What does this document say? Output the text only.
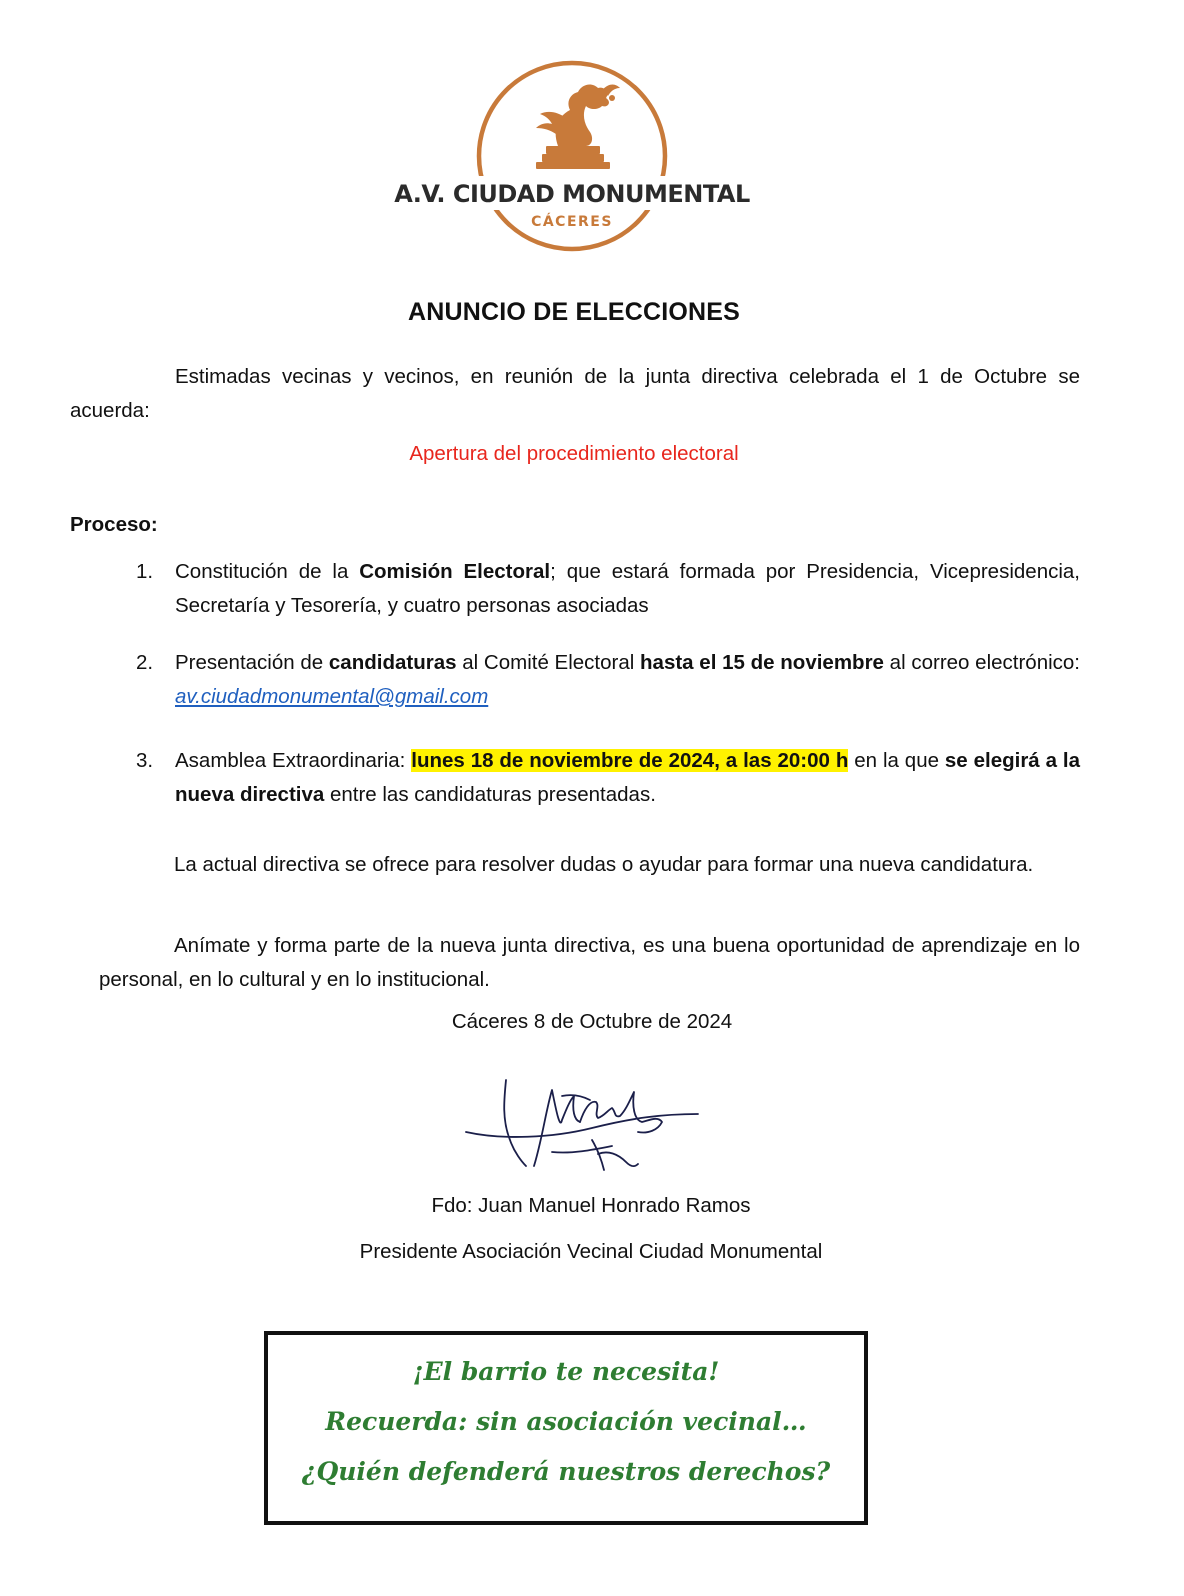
A.V. CIUDAD MONUMENTAL
CÁCERES
ANUNCIO DE ELECCIONES
Estimadas vecinas y vecinos, en reunión de la junta directiva celebrada el 1 de Octubre se acuerda:
Apertura del procedimiento electoral
Proceso:
1. Constitución de la Comisión Electoral; que estará formada por Presidencia, Vicepresidencia, Secretaría y Tesorería, y cuatro personas asociadas
2. Presentación de candidaturas al Comité Electoral hasta el 15 de noviembre al correo electrónico: av.ciudadmonumental@gmail.com
3. Asamblea Extraordinaria: lunes 18 de noviembre de 2024, a las 20:00 h en la que se elegirá a la nueva directiva entre las candidaturas presentadas.
La actual directiva se ofrece para resolver dudas o ayudar para formar una nueva candidatura.
Anímate y forma parte de la nueva junta directiva, es una buena oportunidad de aprendizaje en lo personal, en lo cultural y en lo institucional.
Cáceres 8 de Octubre de 2024
Fdo: Juan Manuel Honrado Ramos
Presidente Asociación Vecinal Ciudad Monumental
¡El barrio te necesita!
Recuerda: sin asociación vecinal…
¿Quién defenderá nuestros derechos?
